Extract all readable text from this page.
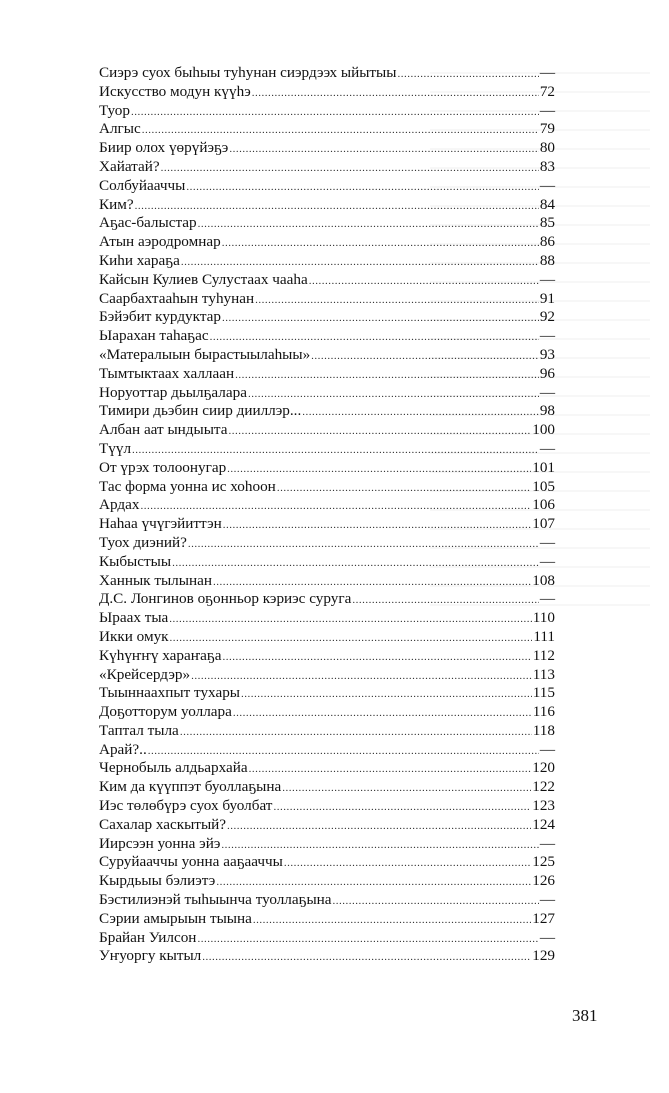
Сиэрэ суох быһыы туһунан сиэрдээх ыйытыы .....	—
Искусство модун күүһэ .....	72
Туор .....	—
Алгыс .....	79
Биир олох үөрүйэҕэ .....	80
Хайатай? .....	83
Солбуйааччы .....	—
Ким? .....	84
Аҕас-балыстар .....	85
Атын аэродромнар .....	86
Киһи хараҕа .....	88
Кайсын Кулиев Сулустаах чааһа .....	—
Саарбахтааһын туһунан .....	91
Бэйэбит курдуктар .....	92
Ыарахан таһаҕас .....	—
«Матералыын бырастыылаһыы» .....	93
Тымтыктаах халлаан .....	96
Норуоттар дьылҕалара .....	—
Тимири дьэбин сиир дииллэр... .....	98
Албан аат ындыыта .....	100
Түүл .....	—
От үрэх толоонугар .....	101
Тас форма уонна ис хоһоон .....	105
Ардах .....	106
Наһаа үчүгэйиттэн .....	107
Туох диэний? .....	—
Кыбыстыы .....	—
Ханнык тылынан .....	108
Д.С. Лонгинов оҕонньор кэриэс суруга .....	—
Ыраах тыа .....	110
Икки омук .....	111
Күһүҥҥү хараҥаҕа .....	112
«Крейсердэр» .....	113
Тыыннаахпыт тухары .....	115
Доҕотторум уоллара .....	116
Таптал тыла .....	118
Арай?.. .....	—
Чернобыль алдьархайа .....	120
Ким да күүппэт буоллаҕына .....	122
Иэс төлөбүрэ суох буолбат .....	123
Сахалар хаскытый? .....	124
Иирсээн уонна эйэ .....	—
Суруйааччы уонна ааҕааччы .....	125
Кырдьыы бэлиэтэ .....	126
Бэстилиэнэй тыһыынча туоллаҕына .....	—
Сэрии амырыын тыына .....	127
Брайан Уилсон .....	—
Уҥуоргу кытыл .....	129
381
